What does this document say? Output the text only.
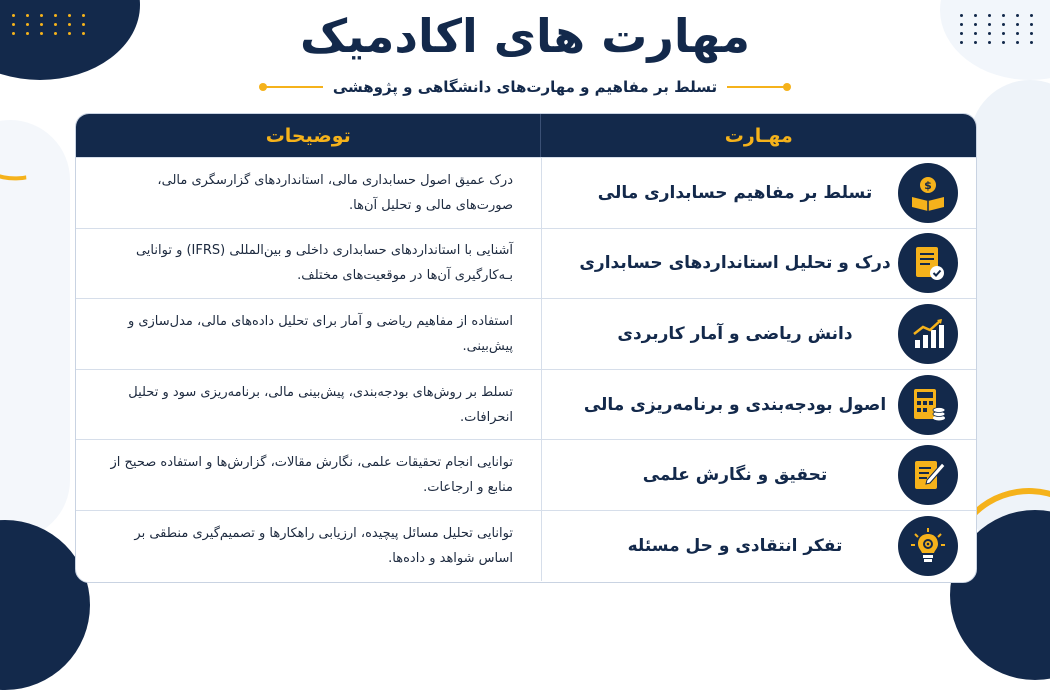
مهارت های اکادمیک
تسلط بر مفاهیم و مهارت‌های دانشگاهی و پژوهشی
مهـارت
توضیحات
$
تسلط بر مفاهیم حسابداری مالی
درک عمیق اصول حسابداری مالی، استانداردهای گزارسگری مالی، صورت‌های مالی و تحلیل آن‌ها.
درک و تحلیل استانداردهای حسابداری
آشنایی با استانداردهای حسابداری داخلی و بین‌المللی (IFRS) و توانایی بـه‌کارگیری آن‌ها در موقعیت‌های مختلف.
دانش ریاضی و آمار کاربردی
استفاده از مفاهیم ریاضی و آمار برای تحلیل داده‌های مالی، مدل‌سازی و پیش‌بینی.
اصول بودجه‌بندی و برنامه‌ریزی مالی
تسلط بر روش‌های بودجه‌بندی، پیش‌بینی مالی، برنامه‌ریزی سود و تحلیل انحرافات.
تحقیق و نگارش علمی
توانایی انجام تحقیقات علمی، نگارش مقالات، گزارش‌ها و استفاده صحیح از منابع و ارجاعات.
تفکر انتقادی و حل مسئله
توانایی تحلیل مسائل پیچیده، ارزیابی راهکارها و تصمیم‌گیری منطقی بر اساس شواهد و داده‌ها.
